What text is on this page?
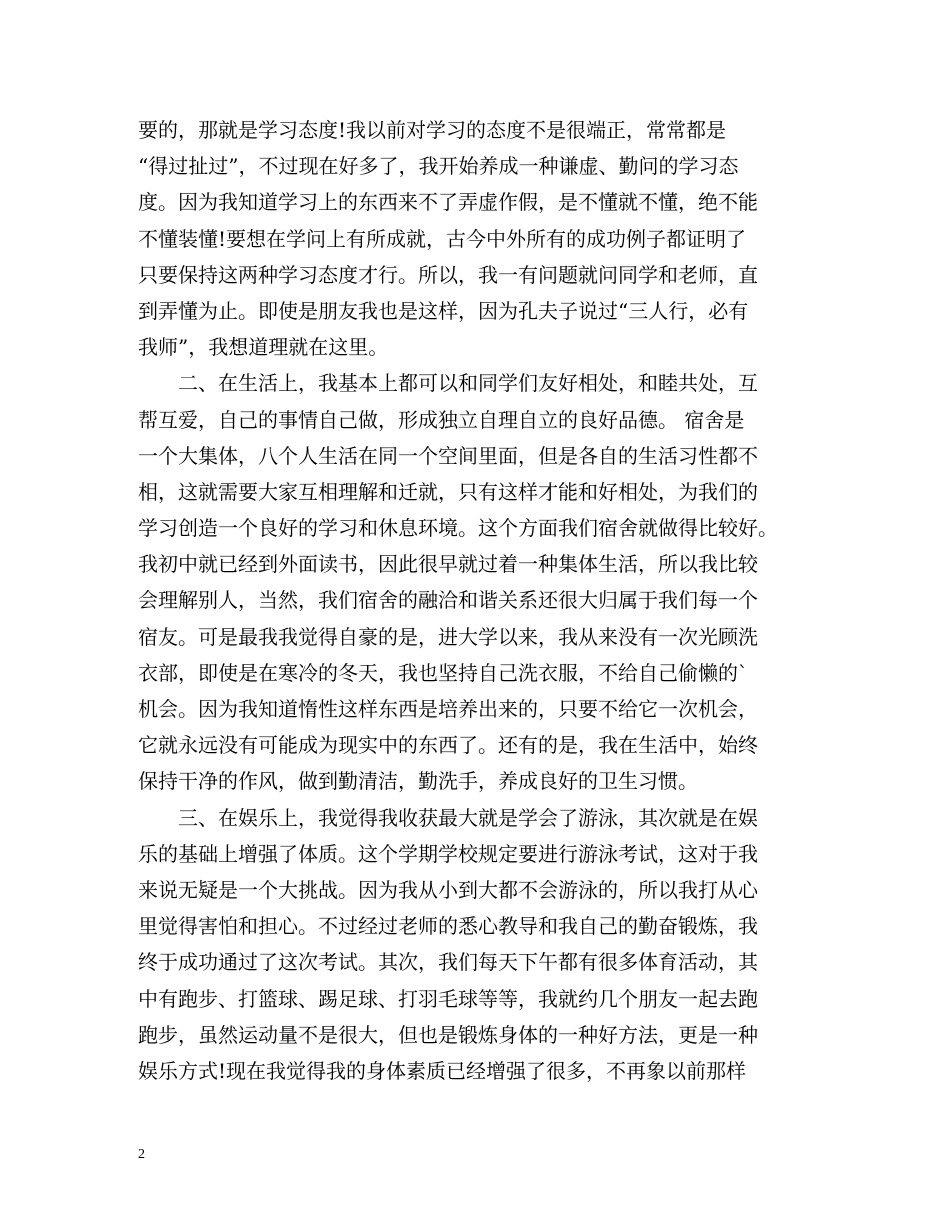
要的，那就是学习态度!我以前对学习的态度不是很端正，常常都是
“得过扯过”，不过现在好多了，我开始养成一种谦虚、勤问的学习态
度。因为我知道学习上的东西来不了弄虚作假，是不懂就不懂，绝不能
不懂装懂!要想在学问上有所成就，古今中外所有的成功例子都证明了
只要保持这两种学习态度才行。所以，我一有问题就问同学和老师，直
到弄懂为止。即使是朋友我也是这样，因为孔夫子说过“三人行，必有
我师”，我想道理就在这里。
　　二、在生活上，我基本上都可以和同学们友好相处，和睦共处，互
帮互爱，自己的事情自己做，形成独立自理自立的良好品德。 宿舍是
一个大集体，八个人生活在同一个空间里面，但是各自的生活习性都不
相，这就需要大家互相理解和迁就，只有这样才能和好相处，为我们的
学习创造一个良好的学习和休息环境。这个方面我们宿舍就做得比较好。
我初中就已经到外面读书，因此很早就过着一种集体生活，所以我比较
会理解别人，当然，我们宿舍的融洽和谐关系还很大归属于我们每一个
宿友。可是最我我觉得自豪的是，进大学以来，我从来没有一次光顾洗
衣部，即使是在寒冷的冬天，我也坚持自己洗衣服，不给自己偷懒的`
机会。因为我知道惰性这样东西是培养出来的，只要不给它一次机会，
它就永远没有可能成为现实中的东西了。还有的是，我在生活中，始终
保持干净的作风，做到勤清洁，勤洗手，养成良好的卫生习惯。
　　三、在娱乐上，我觉得我收获最大就是学会了游泳，其次就是在娱
乐的基础上增强了体质。这个学期学校规定要进行游泳考试，这对于我
来说无疑是一个大挑战。因为我从小到大都不会游泳的，所以我打从心
里觉得害怕和担心。不过经过老师的悉心教导和我自己的勤奋锻炼，我
终于成功通过了这次考试。其次，我们每天下午都有很多体育活动，其
中有跑步、打篮球、踢足球、打羽毛球等等，我就约几个朋友一起去跑
跑步，虽然运动量不是很大，但也是锻炼身体的一种好方法，更是一种
娱乐方式!现在我觉得我的身体素质已经增强了很多，不再象以前那样
2
